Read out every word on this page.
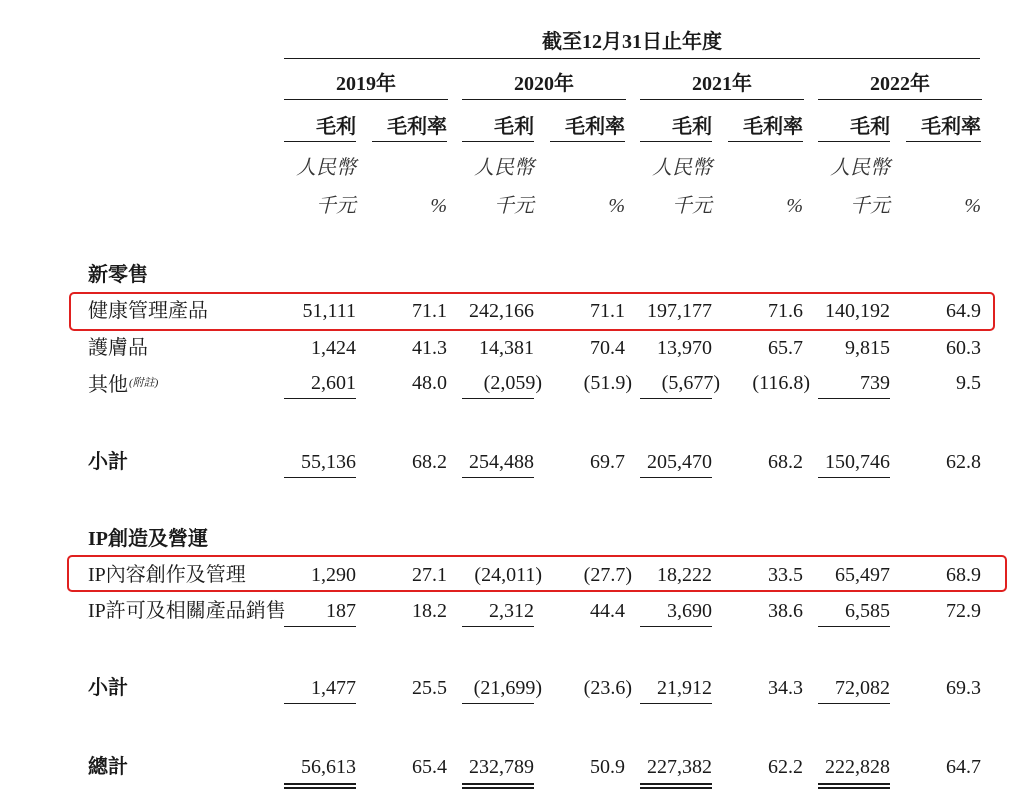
截至12月31日止年度
2019年	2020年	2021年	2022年
毛利	毛利率	毛利	毛利率	毛利	毛利率	毛利	毛利率
人民幣	人民幣	人民幣	人民幣
千元	%	千元	%	千元	%	千元	%
新零售
健康管理產品	51,111	71.1	242,166	71.1	197,177	71.6	140,192	64.9
護膚品	1,424	41.3	14,381	70.4	13,970	65.7	9,815	60.3
其他$^{(附註)}$	2,601	48.0	(2,059)	(51.9)	(5,677)	(116.8)	739	9.5
小計	55,136	68.2	254,488	69.7	205,470	68.2	150,746	62.8
IP創造及營運
IP內容創作及管理	1,290	27.1	(24,011)	(27.7)	18,222	33.5	65,497	68.9
IP許可及相關產品銷售	187	18.2	2,312	44.4	3,690	38.6	6,585	72.9
小計	1,477	25.5	(21,699)	(23.6)	21,912	34.3	72,082	69.3
總計	56,613	65.4	232,789	50.9	227,382	62.2	222,828	64.7
